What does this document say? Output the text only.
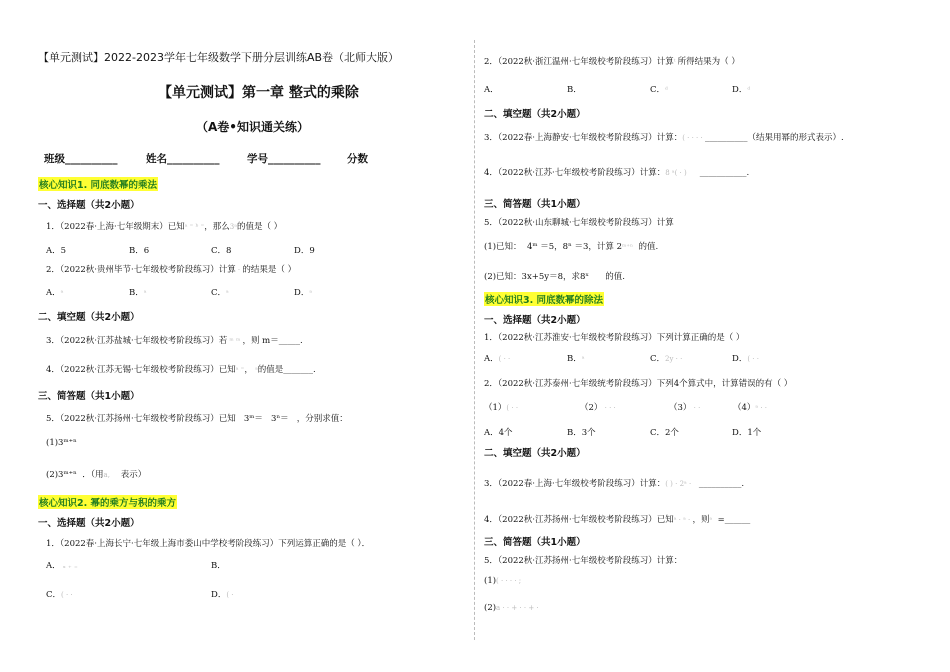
【单元测试】2022-2023学年七年级数学下册分层训练AB卷（北师大版）
【单元测试】第一章 整式的乘除
（A卷•知识通关练）
班级__________	姓名__________	学号__________	分数
核心知识1. 同底数幂的乘法
一、选择题（共2小题）
1．（2022春·上海·七年级期末）已知ᵃ ⁼ ᵇ ⁼，那么3ᵃ的值是（ ）
A．5	B．6	C．8	D．9
2．（2022秋·贵州毕节·七年级校考阶段练习）计算 · 的结果是（ ）
A．ᵃ	B．ᵃ	C．ᵃ	D．ᵃ
二、填空题（共2小题）
3．（2022秋·江苏盐城·七年级校考阶段练习）若 ᵐ ᵐ ，则 m＝_____.
4．（2022秋·江苏无锡·七年级校考阶段练习）已知ᵃ ⁼， ᵃ的值是_______.
三、简答题（共1小题）
5．（2022秋·江苏扬州·七年级校考阶段练习）已知 3ᵐ＝ 3ⁿ＝ ，分别求值：
(1)3ᵐ⁺ⁿ
(2)3ᵐ⁺ⁿ ．（用a, 表示）
核心知识2. 幂的乘方与积的乘方
一、选择题（共2小题）
1．（2022春·上海长宁·七年级上海市娄山中学校考阶段练习）下列运算正确的是（ ）．
A． ₓ ₊ ₌	B．
C．( · ·	D．( ·
2．（2022秋·浙江温州·七年级校考阶段练习）计算ᵗ 所得结果为（ ）
A．	B．	C．ᵈ	D．ᵈ
二、填空题（共2小题）
3．（2022春·上海静安·七年级校考阶段练习）计算：( · · · · __________（结果用幂的形式表示）.
4．（2022秋·江苏·七年级校考阶段练习）计算：8 ᵃ( · )     ___________.
三、简答题（共1小题）
5．（2022秋·山东聊城·七年级校考阶段练习）计算
(1)已知： 4ᵐ ＝5，8ⁿ ＝3，计算 2ᵐ⁺ⁿ 的值.
(2)已知：3x+5y＝8，求8ˣ 的值.
核心知识3. 同底数幂的除法
一、选择题（共2小题）
1．（2022秋·江苏淮安·七年级校考阶段练习）下列计算正确的是（ ）
A．( · ·	B．ᵃ	C．2y · ·	D．( · ·
2．（2022秋·江苏泰州·七年级统考阶段练习）下列4个算式中，计算错误的有（ ）
（1）( · ·	（2） · · ·	（3） · ·	（4）ᵃ · ·
A．4个	B．3个	C．2个	D．1个
二、填空题（共2小题）
3．（2022春·上海·七年级校考阶段练习）计算：( ) · 2ᵃ ·   __________.
4．（2022秋·江苏扬州·七年级校考阶段练习）已知ᵃ · ᵃ · ，则ᵃ =______
三、简答题（共1小题）
5．（2022秋·江苏扬州·七年级校考阶段练习）计算：
(1)( · · · · ;
(2)a · · + · · + ·
